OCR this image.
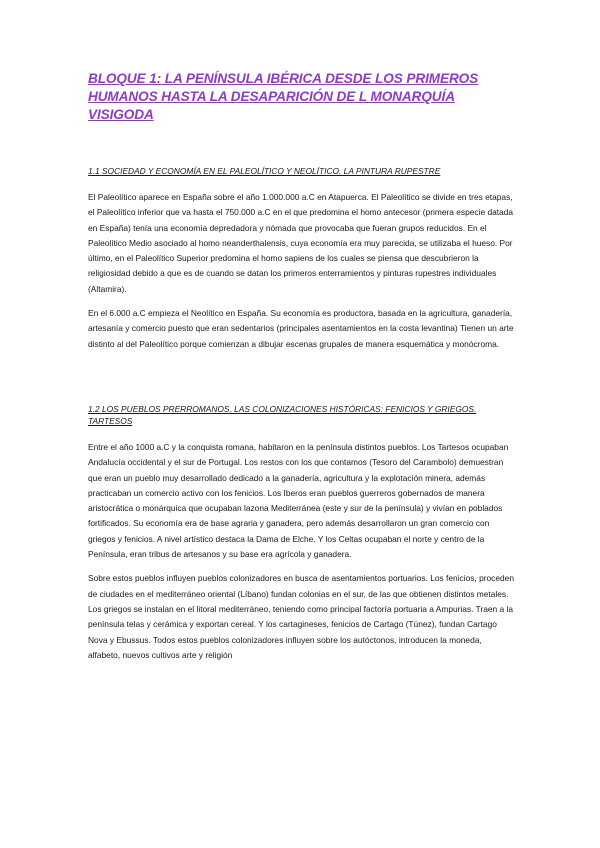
BLOQUE 1: LA PENÍNSULA IBÉRICA DESDE LOS PRIMEROS HUMANOS HASTA LA DESAPARICIÓN DE L MONARQUÍA VISIGODA
1.1 SOCIEDAD Y ECONOMÍA EN EL PALEOLÍTICO Y NEOLÍTICO. LA PINTURA RUPESTRE

El Paleolítico aparece en España sobre el año 1.000.000 a.C en Atapuerca. El Paleolítico se divide en tres etapas, el Paleolítico inferior que va hasta el 750.000 a.C en el que predomina el homo antecesor (primera especie datada en España) tenía una economía depredadora y nómada que provocaba que fueran grupos reducidos. En el Paleolítico Medio asociado al homo neanderthalensis, cuya economía era muy parecida, se utilizaba el hueso. Por último, en el Paleolítico Superior predomina el homo sapiens de los cuales se piensa que descubrieron la religiosidad debido a que es de cuando se datan los primeros enterramientos y pinturas rupestres individuales (Altamira).

En el 6.000 a.C empieza el Neolítico en España. Su economía es productora, basada en la agricultura, ganadería, artesanía y comercio puesto que eran sedentarios (principales asentamientos en la costa levantina) Tienen un arte distinto al del Paleolítico porque comienzan a dibujar escenas grupales de manera esquemática y monócroma.

1.2 LOS PUEBLOS PRERROMANOS. LAS COLONIZACIONES HISTÓRICAS: FENICIOS Y GRIEGOS. TARTESOS

Entre el año 1000 a.C y la conquista romana, habitaron en la península distintos pueblos. Los Tartesos ocupaban Andalucía occidental y el sur de Portugal. Los restos con los que contamos (Tesoro del Carambolo) demuestran que eran un pueblo muy desarrollado dedicado a la ganadería, agricultura y la explotación minera, además practicaban un comercio activo con los fenicios. Los Iberos eran pueblos guerreros gobernados de manera aristocrática o monárquica que ocupaban lazona Mediterránea (este y sur de la península) y vivían en poblados fortificados. Su economía era de base agraria y ganadera, pero además desarrollaron un gran comercio con griegos y fenicios. A nivel artístico destaca la Dama de Elche. Y los Celtas ocupaban el norte y centro de la Península, eran tribus de artesanos y su base era agrícola y ganadera.

Sobre estos pueblos influyen pueblos colonizadores en busca de asentamientos portuarios. Los fenicios, proceden de ciudades en el mediterráneo oriental (Líbano) fundan colonias en el sur, de las que obtienen distintos metales. Los griegos se instalan en el litoral mediterráneo, teniendo como principal factoría portuaria a Ampurias. Traen a la península telas y cerámica y exportan cereal. Y los cartagineses, fenicios de Cartago (Túnez), fundan Cartago Nova y Ebussus. Todos estos pueblos colonizadores influyen sobre los autóctonos, introducen la moneda, alfabeto, nuevos cultivos arte y religión
